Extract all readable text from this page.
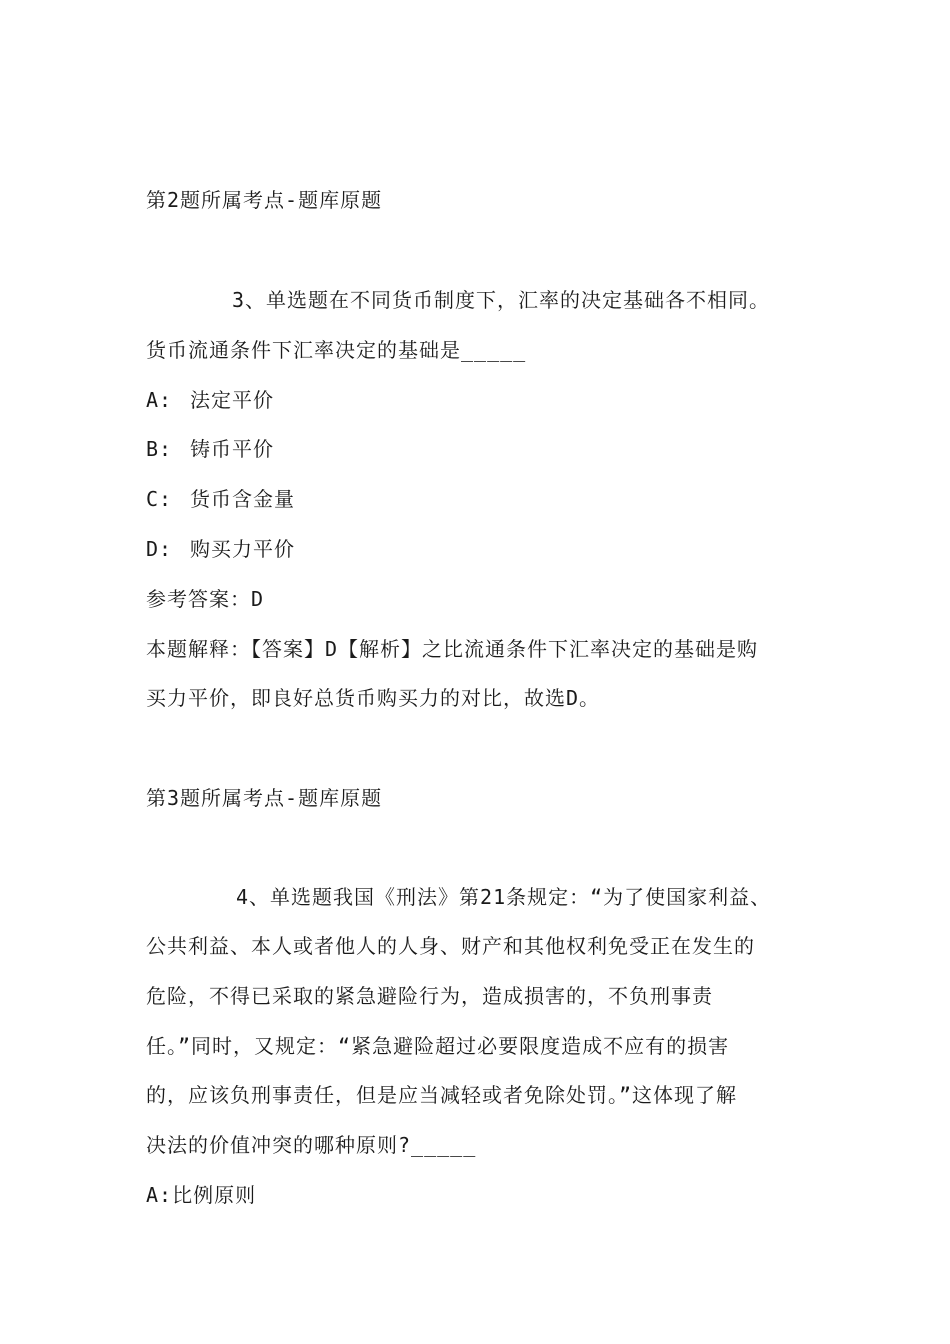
第2题所属考点-题库原题

3、单选题在不同货币制度下，汇率的决定基础各不相同。

货币流通条件下汇率决定的基础是_____

A: 法定平价

B: 铸币平价

C: 货币含金量

D: 购买力平价

参考答案：D

本题解释：【答案】D【解析】之比流通条件下汇率决定的基础是购

买力平价，即良好总货币购买力的对比，故选D。

第3题所属考点-题库原题

4、单选题我国《刑法》第21条规定：“为了使国家利益、

公共利益、本人或者他人的人身、财产和其他权利免受正在发生的

危险，不得已采取的紧急避险行为，造成损害的，不负刑事责

任。”同时，又规定：“紧急避险超过必要限度造成不应有的损害

的，应该负刑事责任，但是应当减轻或者免除处罚。”这体现了解

决法的价值冲突的哪种原则?_____

A:比例原则
